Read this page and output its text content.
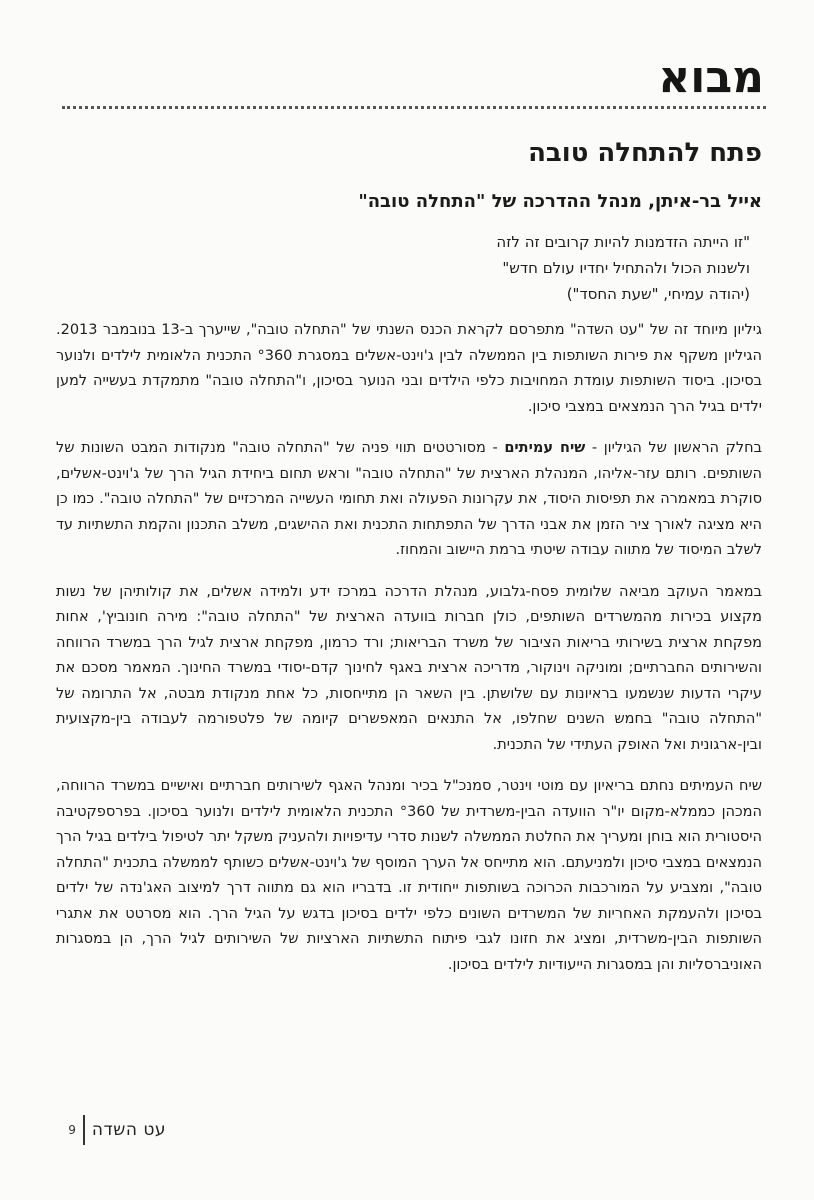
מבוא
פתח להתחלה טובה
אייל בר-איתן, מנהל ההדרכה של "התחלה טובה"
"זו הייתה הזדמנות להיות קרובים זה לזה
ולשנות הכול ולהתחיל יחדיו עולם חדש"
(יהודה עמיחי, "שעת החסד")

גיליון מיוחד זה של "עט השדה" מתפרסם לקראת הכנס השנתי של "התחלה טובה", שייערך ב-13 בנובמבר 2013. הגיליון משקף את פירות השותפות בין הממשלה לבין ג'וינט-אשלים במסגרת °360 התכנית הלאומית לילדים ולנוער בסיכון. ביסוד השותפות עומדת המחויבות כלפי הילדים ובני הנוער בסיכון, ו"התחלה טובה" מתמקדת בעשייה למען ילדים בגיל הרך הנמצאים במצבי סיכון.

בחלק הראשון של הגיליון - שיח עמיתים - מסורטטים תווי פניה של "התחלה טובה" מנקודות המבט השונות של השותפים. רותם עזר-אליהו, המנהלת הארצית של "התחלה טובה" וראש תחום ביחידת הגיל הרך של ג'וינט-אשלים, סוקרת במאמרה את תפיסות היסוד, את עקרונות הפעולה ואת תחומי העשייה המרכזיים של "התחלה טובה". כמו כן היא מציגה לאורך ציר הזמן את אבני הדרך של התפתחות התכנית ואת ההישגים, משלב התכנון והקמת התשתיות עד לשלב המיסוד של מתווה עבודה שיטתי ברמת היישוב והמחוז.

במאמר העוקב מביאה שלומית פסח-גלבוע, מנהלת הדרכה במרכז ידע ולמידה אשלים, את קולותיהן של נשות מקצוע בכירות מהמשרדים השותפים, כולן חברות בוועדה הארצית של "התחלה טובה": מירה חונוביץ', אחות מפקחת ארצית בשירותי בריאות הציבור של משרד הבריאות; ורד כרמון, מפקחת ארצית לגיל הרך במשרד הרווחה והשירותים החברתיים; ומוניקה וינוקור, מדריכה ארצית באגף לחינוך קדם-יסודי במשרד החינוך. המאמר מסכם את עיקרי הדעות שנשמעו בראיונות עם שלושתן. בין השאר הן מתייחסות, כל אחת מנקודת מבטה, אל התרומה של "התחלה טובה" בחמש השנים שחלפו, אל התנאים המאפשרים קיומה של פלטפורמה לעבודה בין-מקצועית ובין-ארגונית ואל האופק העתידי של התכנית.

שיח העמיתים נחתם בריאיון עם מוטי וינטר, סמנכ"ל בכיר ומנהל האגף לשירותים חברתיים ואישיים במשרד הרווחה, המכהן כממלא-מקום יו"ר הוועדה הבין-משרדית של °360 התכנית הלאומית לילדים ולנוער בסיכון. בפרספקטיבה היסטורית הוא בוחן ומעריך את החלטת הממשלה לשנות סדרי עדיפויות ולהעניק משקל יתר לטיפול בילדים בגיל הרך הנמצאים במצבי סיכון ולמניעתם. הוא מתייחס אל הערך המוסף של ג'וינט-אשלים כשותף לממשלה בתכנית "התחלה טובה", ומצביע על המורכבות הכרוכה בשותפות ייחודית זו. בדבריו הוא גם מתווה דרך למיצוב האג'נדה של ילדים בסיכון ולהעמקת האחריות של המשרדים השונים כלפי ילדים בסיכון בדגש על הגיל הרך. הוא מסרטט את אתגרי השותפות הבין-משרדית, ומציג את חזונו לגבי פיתוח התשתיות הארציות של השירותים לגיל הרך, הן במסגרות האוניברסליות והן במסגרות הייעודיות לילדים בסיכון.

עט השדה
9
